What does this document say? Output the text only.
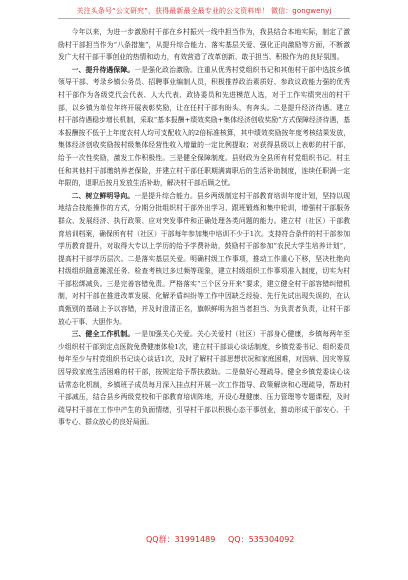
关注头条号“公文研究”，获得最新最全最专业的公文资料库！ 微信：gongwenyj

今年以来，为进一步激励村干部在乡村振兴一线中担当作为，我县结合本地实际，制定了激励村干部担当作为“八条措施”，从提升综合能力、落实基层关爱、强化正向激励等方面，不断激发广大村干部干事创业的热情和动力，有效营造了改革创新、敢于担当、积极作为的良好氛围。

一、提升待遇保障。一是强化政治激励。注重从优秀村党组织书记和其他村干部中选拔乡镇领导干部、考录乡镇公务员、招聘事业编制人员，积极推荐政治素质好、参政议政能力强的优秀村干部作为各级党代会代表、人大代表、政协委员和先进模范人选，对于工作实绩突出的村干部，以乡镇为单位年终开展表彰奖励，让在任村干部有盼头、有奔头。二是提升经济待遇。建立村干部待遇稳步增长机制，采取“基本报酬+绩效奖励+集体经济创收奖励”方式保障经济待遇，基本报酬按不低于上年度农村人均可支配收入的2倍标准核算，其中绩效奖励按年度考核结果发放，集体经济创收奖励按村级集体经营性收入增量的一定比例提取；对获得县级以上表彰的村干部，给予一次性奖励，激发工作积极性。三是健全保障制度。县财政为全县所有村党组织书记、村主任和其他村干部缴纳养老保险，并建立村干部任职期满离职后的生活补助制度，连续任职满一定年限的，退职后按月发放生活补助，解决村干部后顾之忧。

二、树立鲜明导向。一是提升综合能力。县乡两级制定村干部教育培训年度计划，坚持以现地结合技能操作的方式，分期分批组织村干部外出学习、跟班锻炼和集中轮训，增强村干部服务群众、发展经济、执行政策、应对突发事件和正确处理各类问题的能力。建立村（社区）干部教育培训档案，确保所有村（社区）干部每年参加集中培训不少于1次。支持符合条件的村干部参加学历教育提升，对取得大专以上学历的给予学费补助，鼓励村干部参加“农民大学生培养计划”，提高村干部学历层次。二是落实基层关爱。明确村级工作事项，推动工作重心下移，坚决杜绝向村级组织随意摊派任务、检查考核过多过频等现象，建立村级组织工作事项准入制度，切实为村干部松绑减负。三是完善容错免责。严格落实“三个区分开来”要求，建立健全村干部容错纠错机制，对村干部在推进改革发展、化解矛盾纠纷等工作中因缺乏经验、先行先试出现失误的，在认真甄别的基础上予以容错，并及时澄清正名，旗帜鲜明为担当者担当、为负责者负责，让村干部放心干事、大胆作为。

三、健全工作机制。一是加强关心关爱。关心关爱村（社区）干部身心健康，乡镇每两年至少组织村干部到定点医院免费健康体检1次，建立村干部谈心谈话制度，乡镇党委书记、组织委员每年至少与村党组织书记谈心谈话1次，及时了解村干部思想状况和家庭困难，对因病、因灾等原因导致家庭生活困难的村干部，按规定给予帮扶救助。二是做好心理疏导。健全乡镇党委谈心谈话常态化机制，乡镇班子成员每月深入挂点村开展一次工作指导、政策解读和心理疏导，帮助村干部减压，结合县乡两级党校和干部教育培训阵地，开设心理健康、压力管理等专题课程，及时疏导村干部在工作中产生的负面情绪，引导村干部以积极心态干事创业，推动形成干部安心、干事专心、群众放心的良好局面。

QQ群：31991489 QQ：535304092
